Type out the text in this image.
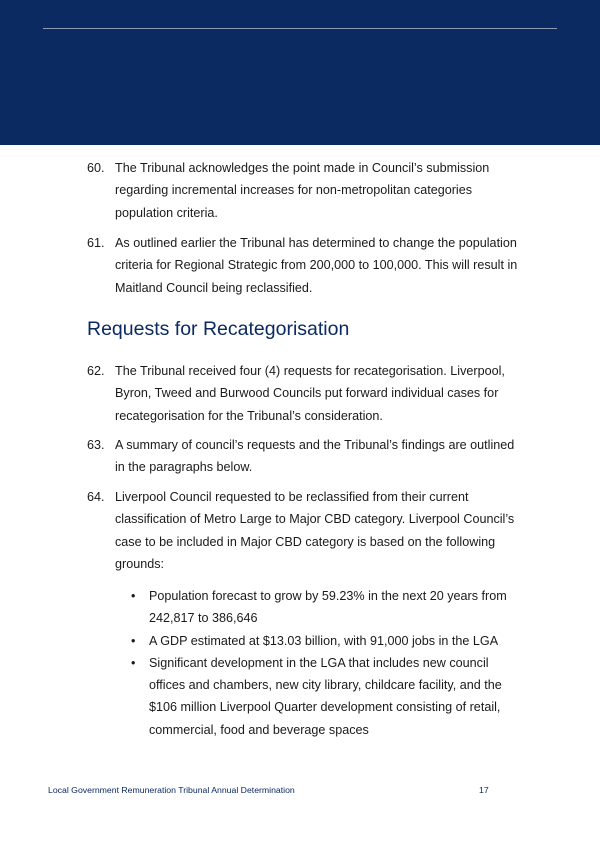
60. The Tribunal acknowledges the point made in Council’s submission regarding incremental increases for non-metropolitan categories population criteria.
61. As outlined earlier the Tribunal has determined to change the population criteria for Regional Strategic from 200,000 to 100,000. This will result in Maitland Council being reclassified.
Requests for Recategorisation
62. The Tribunal received four (4) requests for recategorisation. Liverpool, Byron, Tweed and Burwood Councils put forward individual cases for recategorisation for the Tribunal’s consideration.
63. A summary of council’s requests and the Tribunal’s findings are outlined in the paragraphs below.
64. Liverpool Council requested to be reclassified from their current classification of Metro Large to Major CBD category. Liverpool Council’s case to be included in Major CBD category is based on the following grounds:
• Population forecast to grow by 59.23% in the next 20 years from 242,817 to 386,646
• A GDP estimated at $13.03 billion, with 91,000 jobs in the LGA
• Significant development in the LGA that includes new council offices and chambers, new city library, childcare facility, and the $106 million Liverpool Quarter development consisting of retail, commercial, food and beverage spaces
Local Government Remuneration Tribunal Annual Determination	17
